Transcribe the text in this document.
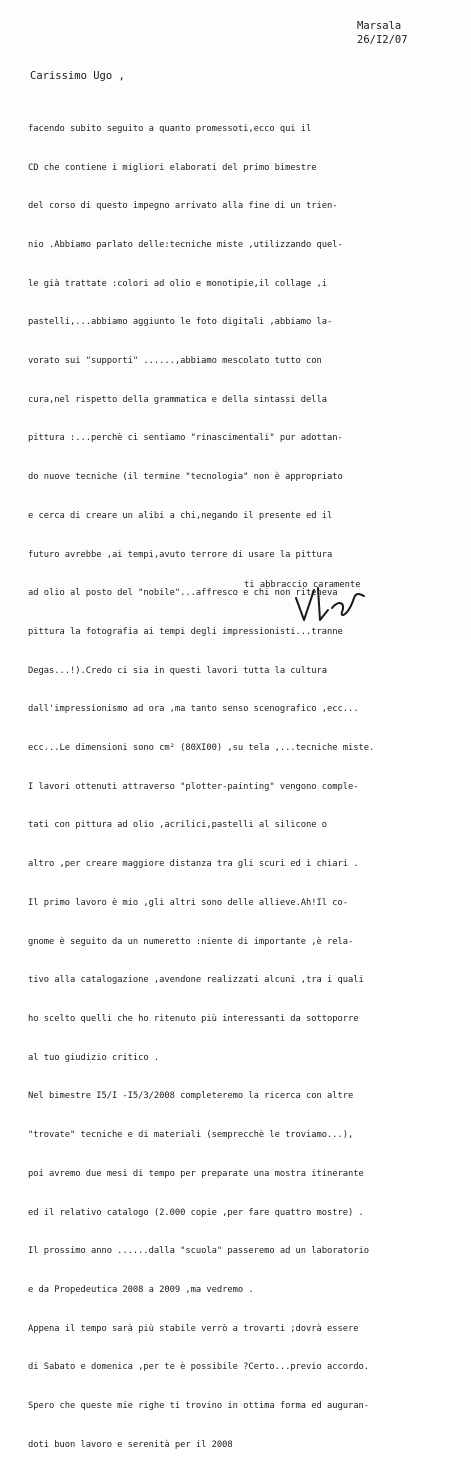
Marsala
26/I2/07
Carissimo Ugo ,

facendo subito seguito a quanto promessoti,ecco qui il

CD che contiene i migliori elaborati del primo bimestre

del corso di questo impegno arrivato alla fine di un trien-

nio .Abbiamo parlato delle:tecniche miste ,utilizzando quel-

le già trattate :colori ad olio e monotipie,il collage ,i

pastelli,...abbiamo aggiunto le foto digitali ,abbiamo la-

vorato sui "supporti" ......,abbiamo mescolato tutto con

cura,nel rispetto della grammatica e della sintassi della

pittura :...perchè ci sentiamo "rinascimentali" pur adottan-

do nuove tecniche (il termine "tecnologia" non è appropriato

e cerca di creare un alibi a chi,negando il presente ed il

futuro avrebbe ,ai tempi,avuto terrore di usare la pittura

ad olio al posto del "nobile"...affresco e chi non riteneva

pittura la fotografia ai tempi degli impressionisti...tranne

Degas...!).Credo ci sia in questi lavori tutta la cultura

dall'impressionismo ad ora ,ma tanto senso scenografico ,ecc...

ecc...Le dimensioni sono cm² (80XI00) ,su tela ,...tecniche miste.

I lavori ottenuti attraverso "plotter-painting" vengono comple-

tati con pittura ad olio ,acrilici,pastelli al silicone o

altro ,per creare maggiore distanza tra gli scuri ed i chiari .

Il primo lavoro è mio ,gli altri sono delle allieve.Ah!Il co-

gnome è seguito da un numeretto :niente di importante ,è rela-

tivo alla catalogazione ,avendone realizzati alcuni ,tra i quali

ho scelto quelli che ho ritenuto più interessanti da sottoporre

al tuo giudizio critico .

Nel bimestre I5/I -I5/3/2008 completeremo la ricerca con altre

"trovate" tecniche e di materiali (semprecchè le troviamo...),

poi avremo due mesi di tempo per preparate una mostra itinerante

ed il relativo catalogo (2.000 copie ,per fare quattro mostre) .

Il prossimo anno ......dalla "scuola" passeremo ad un laboratorio

e da Propedeutica 2008 a 2009 ,ma vedremo .

Appena il tempo sarà più stabile verrò a trovarti ;dovrà essere

di Sabato e domenica ,per te è possibile ?Certo...previo accordo.

Spero che queste mie righe ti trovino in ottima forma ed auguran-

doti buon lavoro e serenità per il 2008

ti abbraccio caramente
